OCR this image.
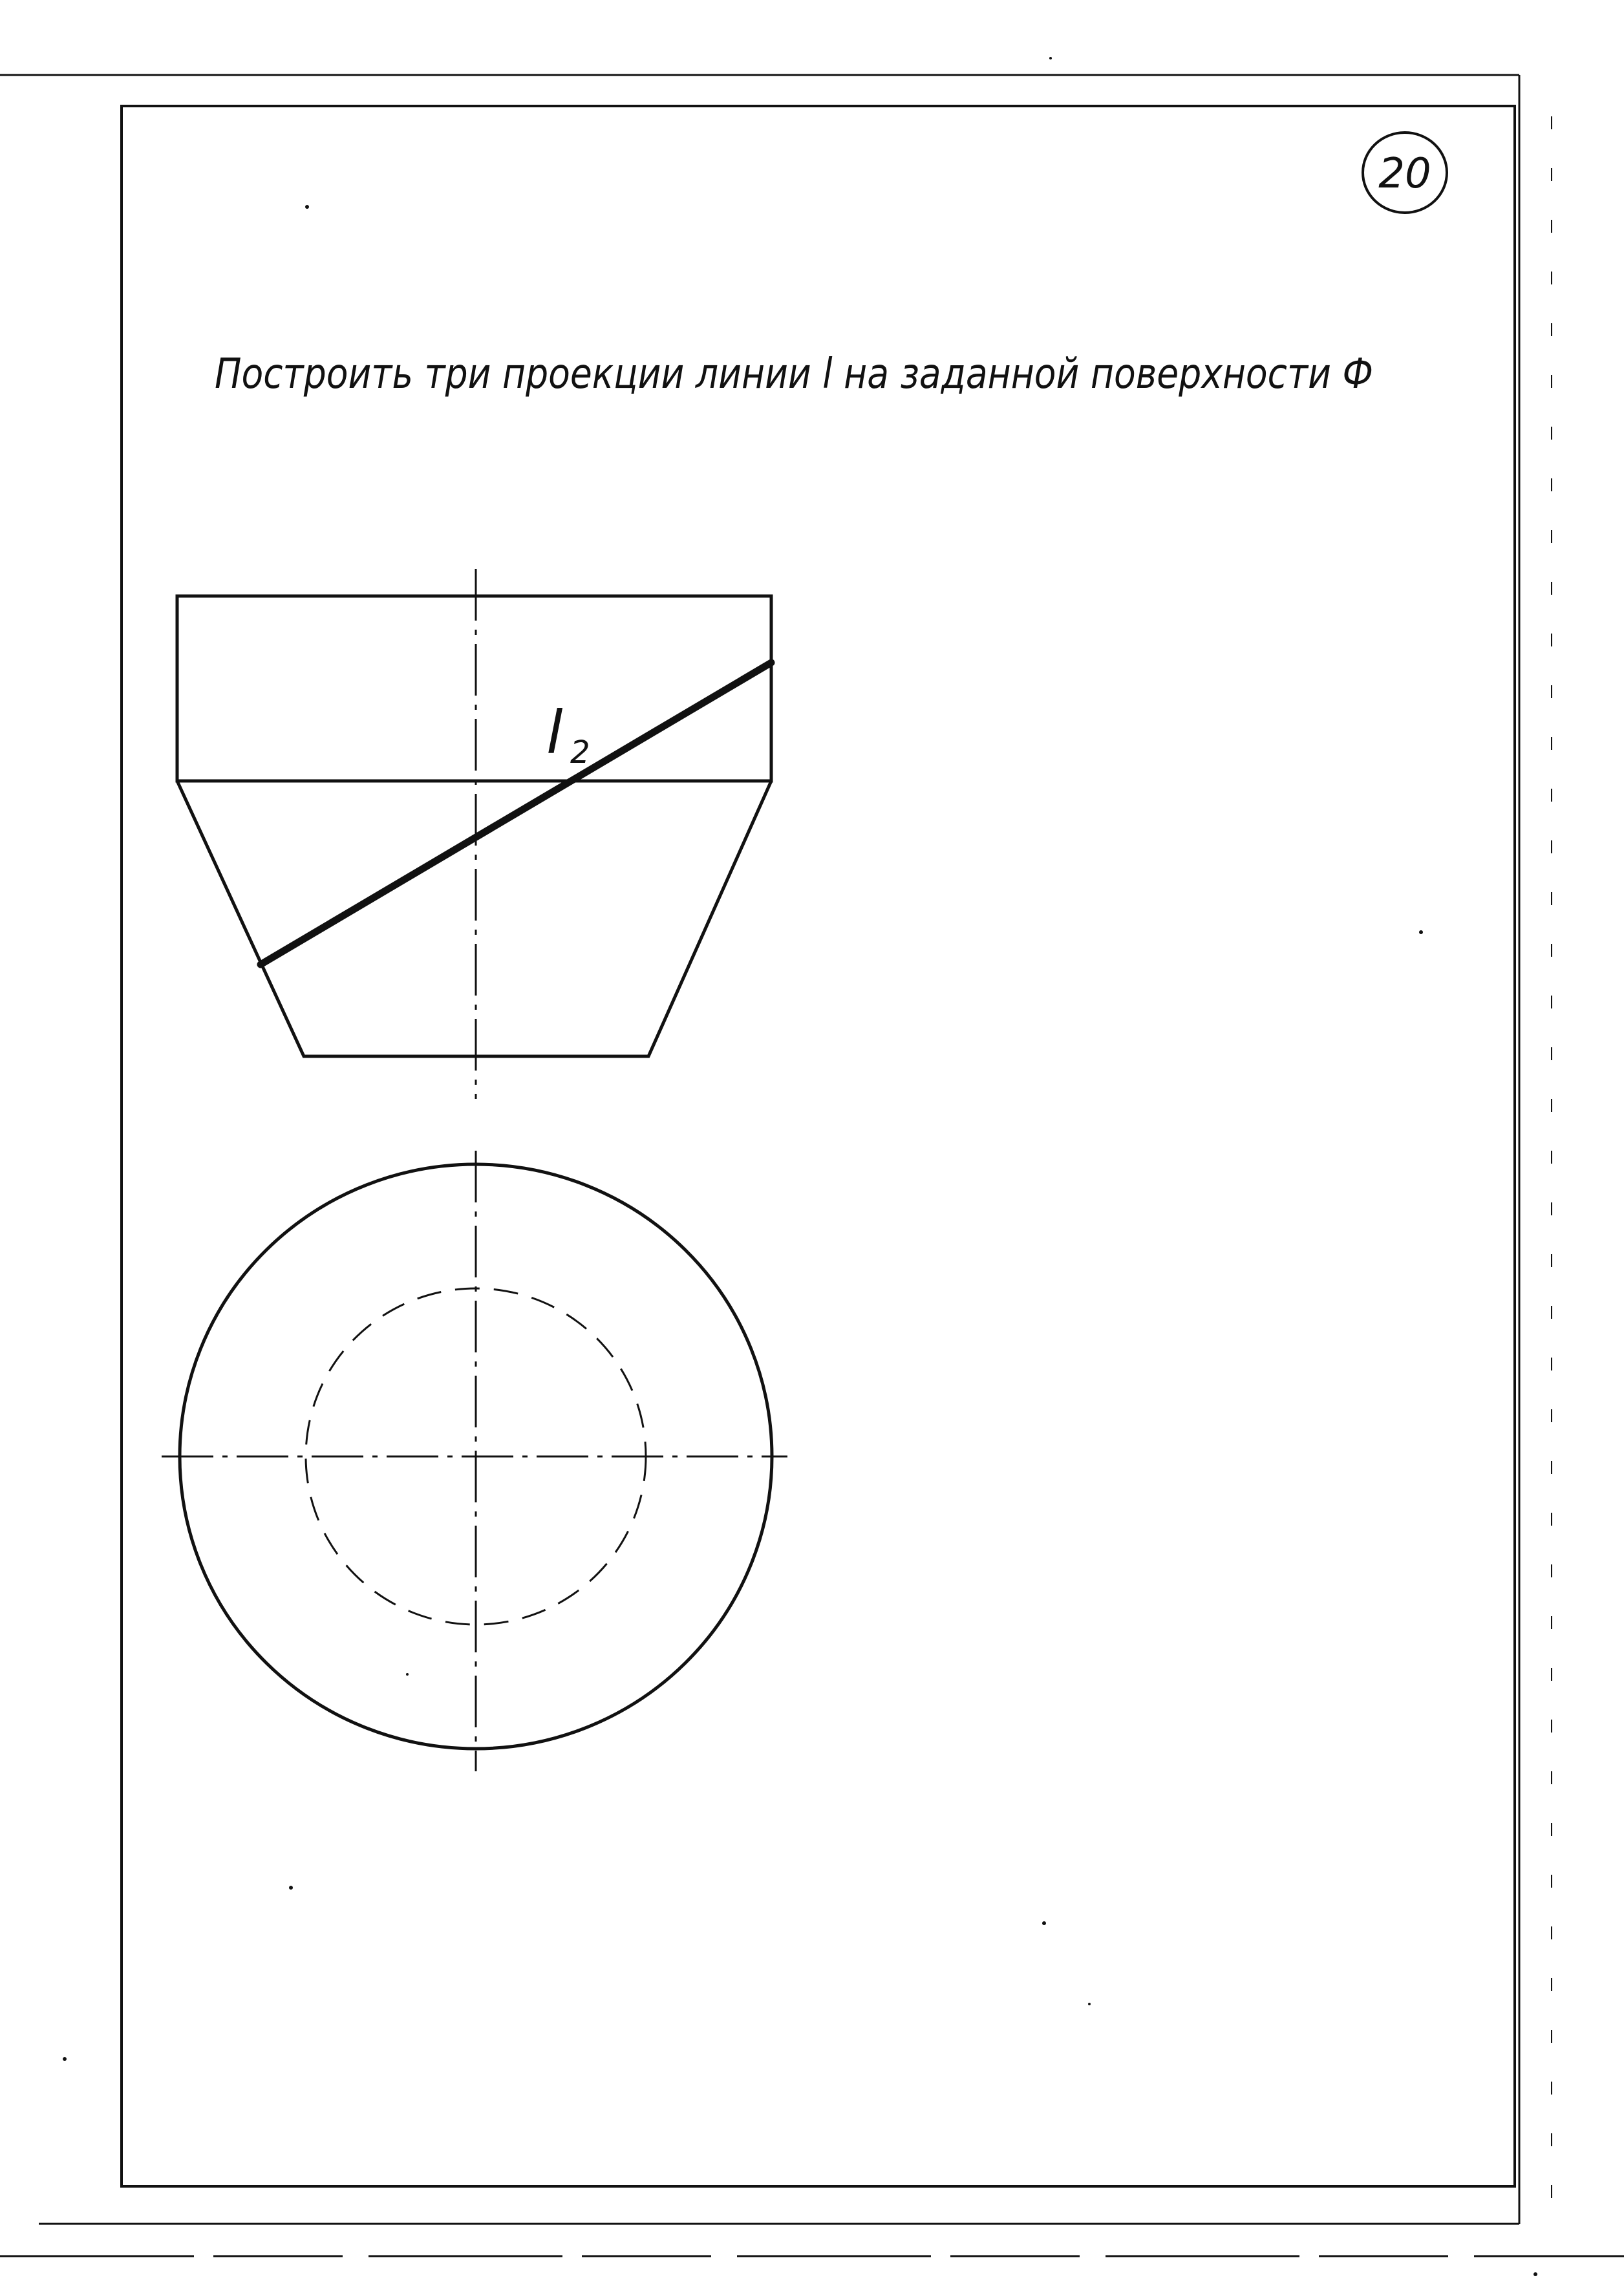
20
Построить три проекции линии l на заданной поверхности Ф
l 2
